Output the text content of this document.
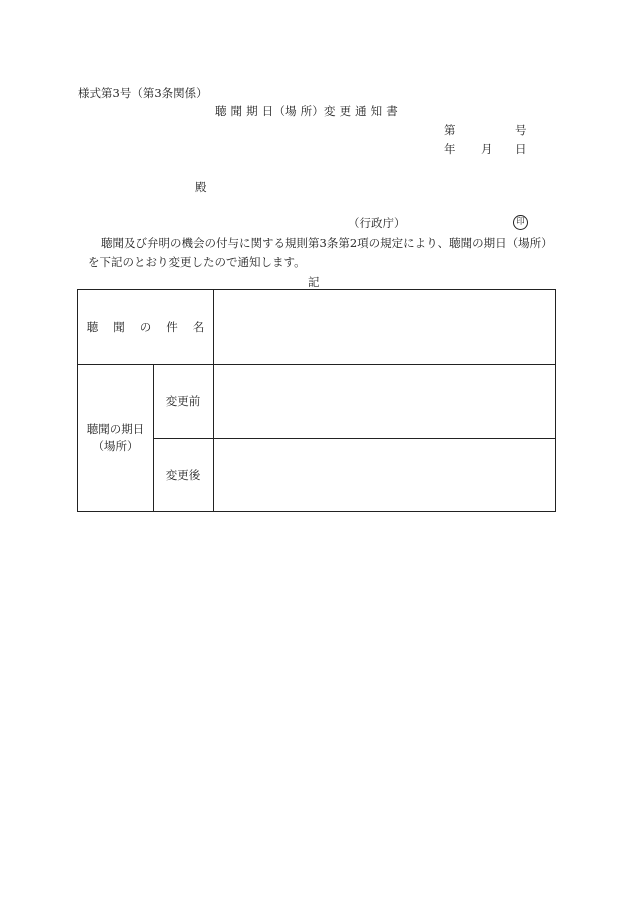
様式第3号（第3条関係）
聴 聞 期 日（場 所）変 更 通 知 書
第	号
年 月 日
殿
（行政庁）	印
聴聞及び弁明の機会の付与に関する規則第3条第2項の規定により、聴聞の期日（場所）
を下記のとおり変更したので通知します。
記
聴 聞 の 件 名
聴聞の期日
（場所）
変更前
変更後
